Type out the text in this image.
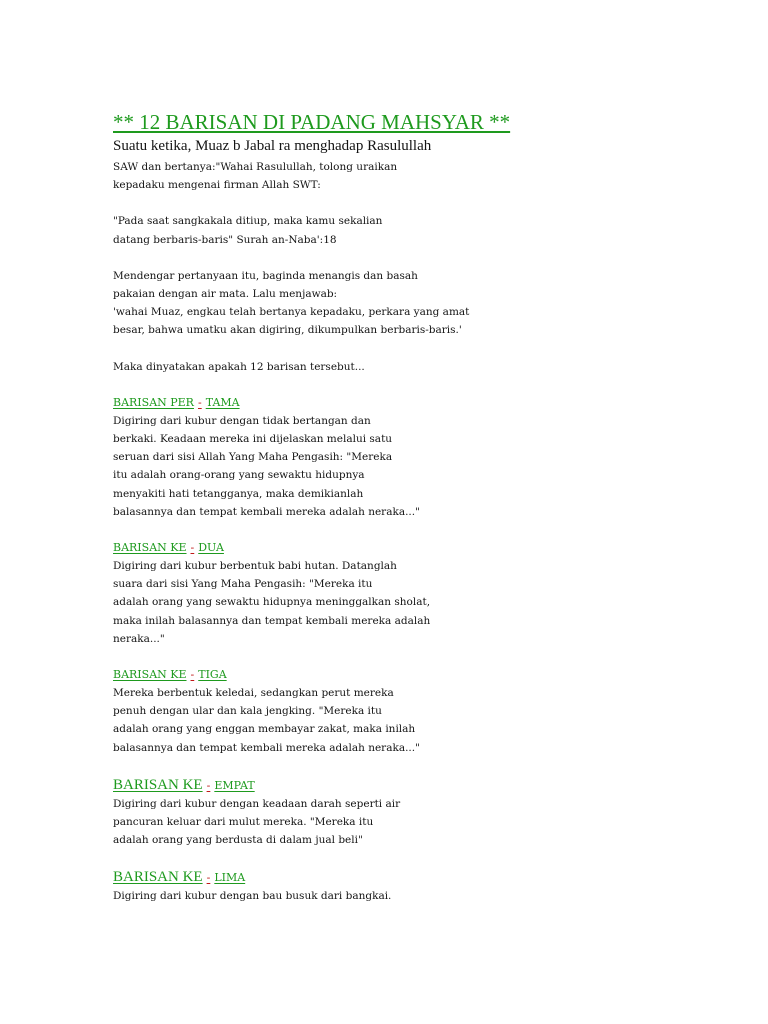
** 12 BARISAN DI PADANG MAHSYAR **

Suatu ketika, Muaz b Jabal ra menghadap Rasulullah

SAW dan bertanya:"Wahai Rasulullah, tolong uraikan

kepadaku mengenai firman Allah SWT:

"Pada saat sangkakala ditiup, maka kamu sekalian

datang berbaris-baris" Surah an-Naba':18

Mendengar pertanyaan itu, baginda menangis dan basah

pakaian dengan air mata. Lalu menjawab:

'wahai Muaz, engkau telah bertanya kepadaku, perkara yang amat

besar, bahwa umatku akan digiring, dikumpulkan berbaris-baris.'

Maka dinyatakan apakah 12 barisan tersebut...

BARISAN PER - TAMA

Digiring dari kubur dengan tidak bertangan dan

berkaki. Keadaan mereka ini dijelaskan melalui satu

seruan dari sisi Allah Yang Maha Pengasih: "Mereka

itu adalah orang-orang yang sewaktu hidupnya

menyakiti hati tetangganya, maka demikianlah

balasannya dan tempat kembali mereka adalah neraka..."

BARISAN KE - DUA

Digiring dari kubur berbentuk babi hutan. Datanglah

suara dari sisi Yang Maha Pengasih: "Mereka itu

adalah orang yang sewaktu hidupnya meninggalkan sholat,

maka inilah balasannya dan tempat kembali mereka adalah

neraka..."

BARISAN KE - TIGA

Mereka berbentuk keledai, sedangkan perut mereka

penuh dengan ular dan kala jengking. "Mereka itu

adalah orang yang enggan membayar zakat, maka inilah

balasannya dan tempat kembali mereka adalah neraka..."

BARISAN KE - EMPAT

Digiring dari kubur dengan keadaan darah seperti air

pancuran keluar dari mulut mereka. "Mereka itu

adalah orang yang berdusta di dalam jual beli"

BARISAN KE - LIMA

Digiring dari kubur dengan bau busuk dari bangkai.
